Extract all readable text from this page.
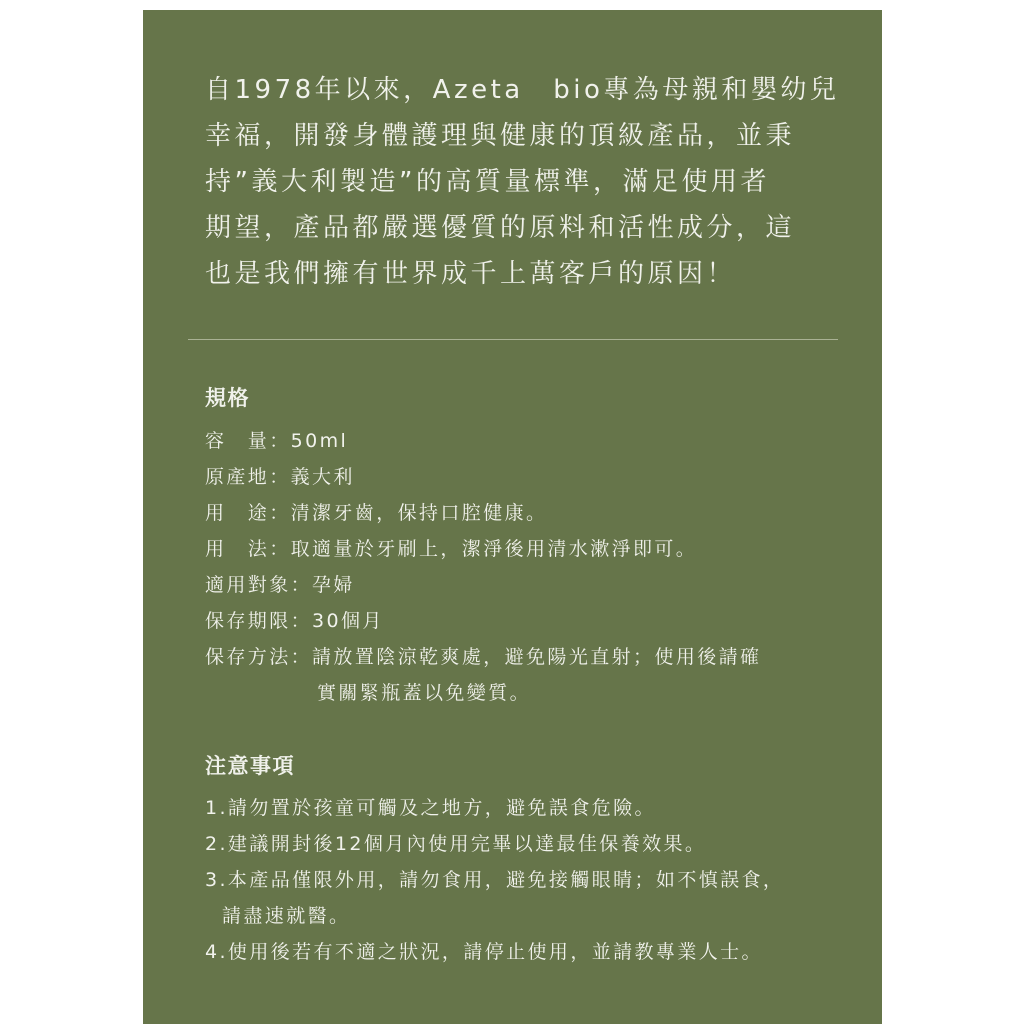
自1978年以來，Azeta　bio專為母親和嬰幼兒
幸福，開發身體護理與健康的頂級產品，並秉
持”義大利製造”的高質量標準，滿足使用者
期望，產品都嚴選優質的原料和活性成分，這
也是我們擁有世界成千上萬客戶的原因！
規格
容　量：50ml
原產地：義大利
用　途：清潔牙齒，保持口腔健康。
用　法：取適量於牙刷上，潔淨後用清水漱淨即可。
適用對象：孕婦
保存期限：30個月
保存方法：請放置陰涼乾爽處，避免陽光直射；使用後請確
實關緊瓶蓋以免變質。
注意事項
1.請勿置於孩童可觸及之地方，避免誤食危險。
2.建議開封後12個月內使用完畢以達最佳保養效果。
3.本產品僅限外用，請勿食用，避免接觸眼睛；如不慎誤食，
請盡速就醫。
4.使用後若有不適之狀況，請停止使用，並請教專業人士。
